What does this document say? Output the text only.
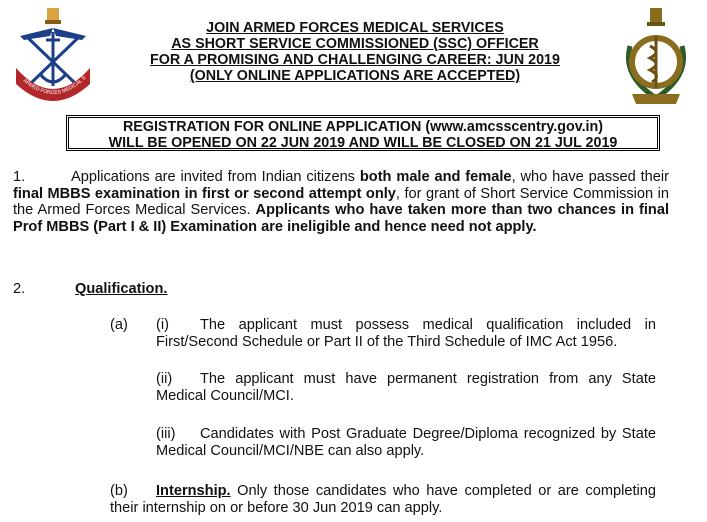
ARMED FORCES MEDICAL S
JOIN ARMED FORCES MEDICAL SERVICES
AS SHORT SERVICE COMMISSIONED (SSC) OFFICER
FOR A PROMISING AND CHALLENGING CAREER: JUN 2019
(ONLY ONLINE APPLICATIONS ARE ACCEPTED)
REGISTRATION FOR ONLINE APPLICATION (www.amcsscentry.gov.in)
WILL BE OPENED ON 22 JUN 2019 AND WILL BE CLOSED ON 21 JUL 2019
1.	Applications are invited from Indian citizens both male and female, who have passed their final MBBS examination in first or second attempt only, for grant of Short Service Commission in the Armed Forces Medical Services. Applicants who have taken more than two chances in final Prof MBBS (Part I & II) Examination are ineligible and hence need not apply.
2.	Qualification.
(a) (i) The applicant must possess medical qualification included in First/Second Schedule or Part II of the Third Schedule of IMC Act 1956.
(ii) The applicant must have permanent registration from any State Medical Council/MCI.
(iii) Candidates with Post Graduate Degree/Diploma recognized by State Medical Council/MCI/NBE can also apply.
(b) Internship. Only those candidates who have completed or are completing their internship on or before 30 Jun 2019 can apply.
